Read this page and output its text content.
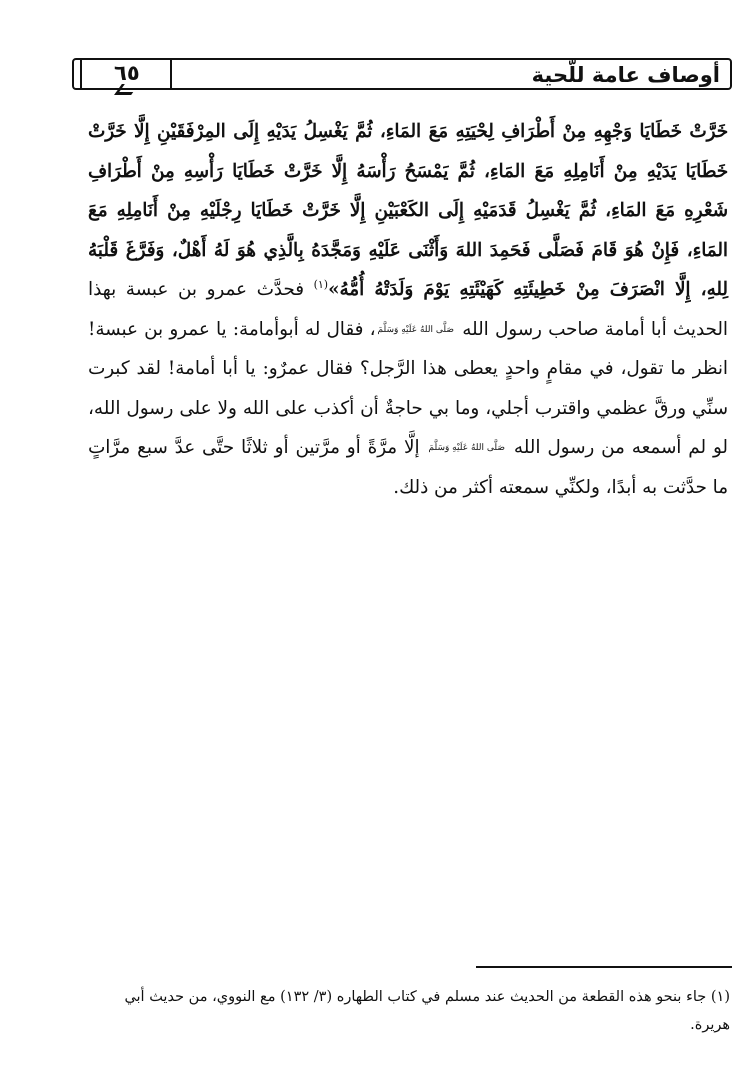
أوصاف عامة للّحية
٦٥

خَرَّتْ خَطَايَا وَجْهِهِ مِنْ أَطْرَافِ لِحْيَتِهِ مَعَ المَاءِ، ثُمَّ يَغْسِلُ يَدَيْهِ إِلَى المِرْفَقَيْنِ إِلَّا خَرَّتْ خَطَايَا يَدَيْهِ مِنْ أَنَامِلِهِ مَعَ المَاءِ، ثُمَّ يَمْسَحُ رَأْسَهُ إِلَّا خَرَّتْ خَطَايَا رَأْسِهِ مِنْ أَطْرَافِ شَعْرِهِ مَعَ المَاءِ، ثُمَّ يَغْسِلُ قَدَمَيْهِ إِلَى الكَعْبَيْنِ إِلَّا خَرَّتْ خَطَايَا رِجْلَيْهِ مِنْ أَنَامِلِهِ مَعَ المَاءِ، فَإِنْ هُوَ قَامَ فَصَلَّى فَحَمِدَ اللهَ وَأَثْنَى عَلَيْهِ وَمَجَّدَهُ بِالَّذِي هُوَ لَهُ أَهْلٌ، وَفَرَّغَ قَلْبَهُ لِلهِ، إِلَّا انْصَرَفَ مِنْ خَطِيئَتِهِ كَهَيْئَتِهِ يَوْمَ وَلَدَتْهُ أُمُّهُ»$^{(١)}$ فحدَّث عمرو بن عبسة بهذا الحديث أبا أمامة صاحب رسول الله صَلَّى اللهُ عَلَيْهِ وَسَلَّمَ، فقال له أبوأمامة: يا عمرو بن عبسة! انظر ما تقول، في مقامٍ واحدٍ يعطى هذا الرَّجل؟ فقال عمرٌو: يا أبا أمامة! لقد كبرت سنِّي ورقَّ عظمي واقترب أجلي، وما بي حاجةٌ أن أكذب على الله ولا على رسول الله، لو لم أسمعه من رسول الله صَلَّى اللهُ عَلَيْهِ وَسَلَّمَ إلَّا مرَّةً أو مرَّتين أو ثلاثًا حتَّى عدَّ سبع مرَّاتٍ ما حدَّثت به أبدًا، ولكنِّي سمعته أكثر من ذلك.

(١) جاء بنحو هذه القطعة من الحديث عند مسلم في كتاب الطهاره (٣/ ١٣٢) مع النووي، من حديث أبي هريرة.
